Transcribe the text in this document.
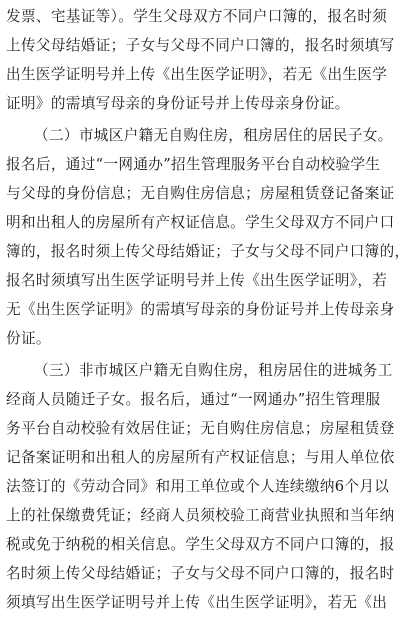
发票、宅基证等）。学生父母双方不同户口簿的，报名时须
上传父母结婚证；子女与父母不同户口簿的，报名时须填写
出生医学证明号并上传《出生医学证明》，若无《出生医学
证明》的需填写母亲的身份证号并上传母亲身份证。
（二）市城区户籍无自购住房，租房居住的居民子女。
报名后，通过“一网通办”招生管理服务平台自动校验学生
与父母的身份信息；无自购住房信息；房屋租赁登记备案证
明和出租人的房屋所有产权证信息。学生父母双方不同户口
簿的，报名时须上传父母结婚证；子女与父母不同户口簿的，
报名时须填写出生医学证明号并上传《出生医学证明》，若
无《出生医学证明》的需填写母亲的身份证号并上传母亲身
份证。
（三）非市城区户籍无自购住房，租房居住的进城务工
经商人员随迁子女。报名后，通过“一网通办”招生管理服
务平台自动校验有效居住证；无自购住房信息；房屋租赁登
记备案证明和出租人的房屋所有产权证信息；与用人单位依
法签订的《劳动合同》和用工单位或个人连续缴纳6个月以
上的社保缴费凭证；经商人员须校验工商营业执照和当年纳
税或免于纳税的相关信息。学生父母双方不同户口簿的，报
名时须上传父母结婚证；子女与父母不同户口簿的，报名时
须填写出生医学证明号并上传《出生医学证明》，若无《出
